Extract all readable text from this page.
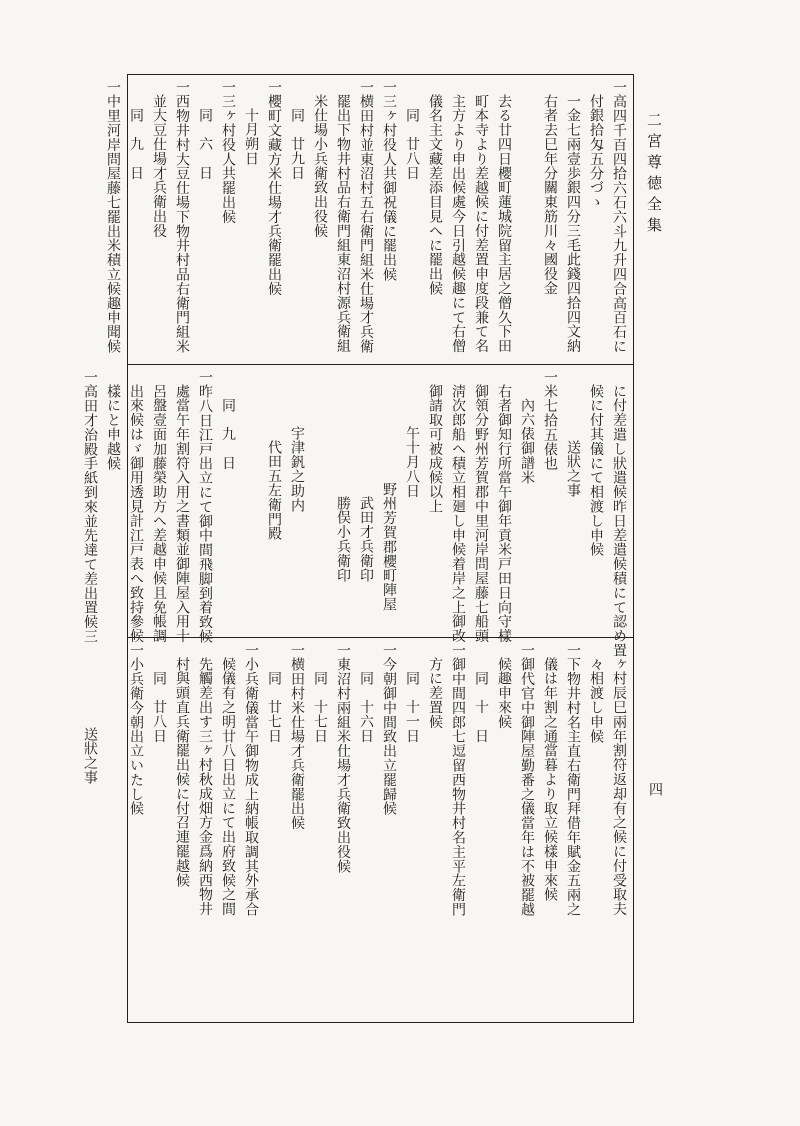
二宮尊徳全集
四
一高四千百四拾六石六斗九升四合高百石に
付銀拾匁五分づゝ
一金七兩壹歩銀四分三毛此錢四拾四文納
右者去巳年分關東筋川々國役金
去る廿四日櫻町蓮城院留主居之僧久下田
町本寺より差越候に付差置申度段兼て名
主方より申出候處今日引越候趣にて右僧
儀名主文藏差添目見へに罷出候
同　廿八日
一三ヶ村役人共御祝儀に罷出候
一横田村並東沼村五右衛門組米仕場才兵衛
罷出下物井村品右衛門組東沼村源兵衛組
米仕場小兵衛致出役候
同　廿九日
一櫻町文藏方米仕場才兵衛罷出候
十月朔日
一三ヶ村役人共罷出候
同　六　日
一西物井村大豆仕場下物井村品右衛門組米
並大豆仕場才兵衛出役
同　九　日
一中里河岸問屋藤七罷出米積立候趣申聞候
に付差遣し狀遣候昨日差遣候積にて認め置
候に付其儀にて相渡し申候
送狀之事
一米七拾五俵也
內六俵御譜米
右者御知行所當午御年貢米戸田日向守樣
御領分野州芳賀郡中里河岸問屋藤七船頭
淸次郎船へ積立相廻し申候着岸之上御改
御請取可被成候以上
午十月八日
野州芳賀郡櫻町陣屋
武田才兵衛印
勝俣小兵衛印
宇津釩之助内
代田五左衛門殿
同　九　日
一昨八日江戸出立にて御中間飛脚到着致候
處當午年割符入用之書類並御陣屋入用十
呂盤壹面加藤榮助方へ差越申候且免帳調
出來候はゞ御用透見計江戸表へ致持參候
樣にと申越候
一高田才治殿手紙到來並先達て差出置候三
ヶ村辰巳兩年割符返却有之候に付受取夫
々相渡し申候
一下物井村名主直右衛門拜借年賦金五兩之
儀は年割之通當暮より取立候樣申來候
一御代官中御陣屋勤番之儀當年は不被罷越
候趣申來候
同　十　日
一御中間四郎七逗留西物井村名主平左衛門
方に差置候
同　十一日
一今朝御中間致出立罷歸候
同　十六日
一東沼村兩組米仕場才兵衛致出役候
同　十七日
一横田村米仕場才兵衛罷出候
同　廿七日
一小兵衛儀當午御物成上納帳取調其外承合
候儀有之明廿八日出立にて出府致候之間
先觸差出す三ヶ村秋成畑方金爲納西物井
村與頭直兵衛罷出候に付召連罷越候
同　廿八日
一小兵衛今朝出立いたし候
送狀之事
